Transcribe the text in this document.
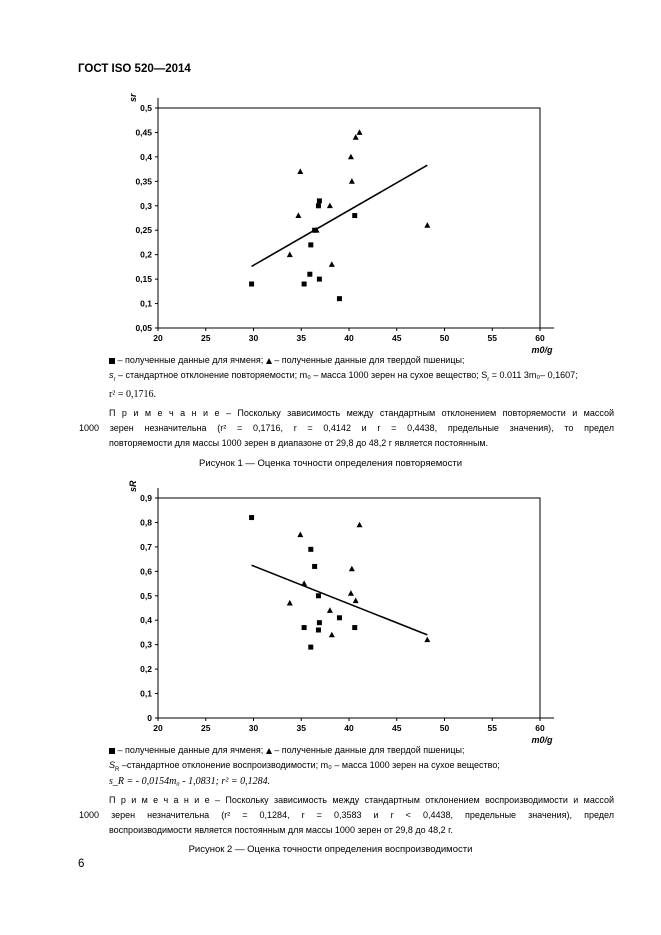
ГОСТ ISO 520—2014
0,05
0,1
0,15
0,2
0,25
0,3
0,35
0,4
0,45
0,5
20	25	30	35	40	45	50	55	60
sr
m0/g
– полученные данные для ячменя;  – полученные данные для твердой пшеницы;
$s_r$ – стандартное отклонение повторяемости; m₀ – масса 1000 зерен на сухое вещество; $S_r = 0.011$ 3m₀– 0,1607;
r² = 0,1716.
П р и м е ч а н и е – Поскольку зависимость между стандартным отклонением повторяемости и массой
1000 зерен незначительна (r² = 0,1716, r = 0,4142 и r = 0,4438, предельные значения), то предел
повторяемости для массы 1000 зерен в диапазоне от 29,8 до 48,2 г является постоянным.
Рисунок 1 — Оценка точности определения повторяемости
0
0,1
0,2
0,3
0,4
0,5
0,6
0,7
0,8
0,9
20	25	30	35	40	45	50	55	60
sR
m0/g
– полученные данные для ячменя;  – полученные данные для твердой пшеницы;
$S_R$ –стандартное отклонение воспроизводимости; m₀ – масса 1000 зерен на сухое вещество;
s_R = - 0,0154m₀ - 1,0831; r² = 0,1284.
П р и м е ч а н и е – Поскольку зависимость между стандартным отклонением воспроизводимости и массой
1000 зерен незначительна (r² = 0,1284, r = 0,3583 и r < 0,4438, предельные значения), предел
воспроизводимости является постоянным для массы 1000 зерен от 29,8 до 48,2 г.
Рисунок 2 — Оценка точности определения воспроизводимости
6
